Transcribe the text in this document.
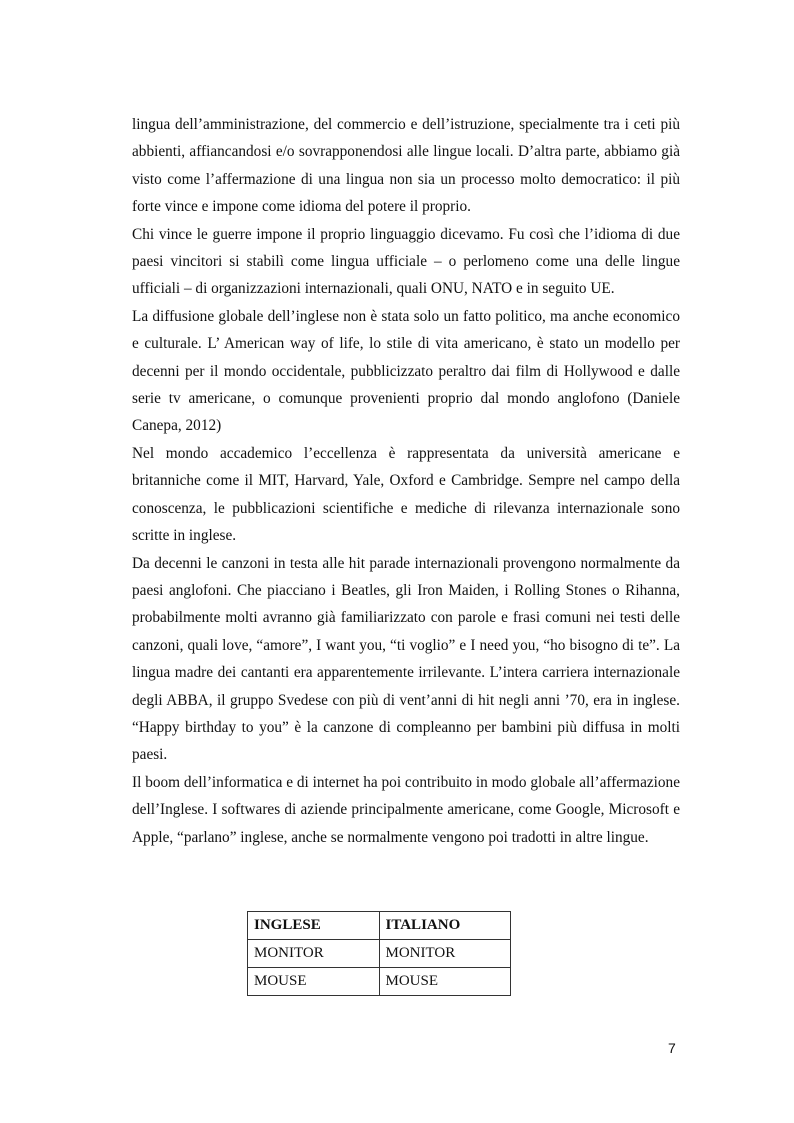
lingua dell’amministrazione, del commercio e dell’istruzione, specialmente tra i ceti più abbienti, affiancandosi e/o sovrapponendosi alle lingue locali. D’altra parte, abbiamo già visto come l’affermazione di una lingua non sia un processo molto democratico: il più forte vince e impone come idioma del potere il proprio.

Chi vince le guerre impone il proprio linguaggio dicevamo. Fu così che l’idioma di due paesi vincitori si stabilì come lingua ufficiale – o perlomeno come una delle lingue ufficiali – di organizzazioni internazionali, quali ONU, NATO e in seguito UE.

La diffusione globale dell’inglese non è stata solo un fatto politico, ma anche economico e culturale. L’ American way of life, lo stile di vita americano, è stato un modello per decenni per il mondo occidentale, pubblicizzato peraltro dai film di Hollywood e dalle serie tv americane, o comunque provenienti proprio dal mondo anglofono (Daniele Canepa, 2012)

Nel mondo accademico l’eccellenza è rappresentata da università americane e britanniche come il MIT, Harvard, Yale, Oxford e Cambridge. Sempre nel campo della conoscenza, le pubblicazioni scientifiche e mediche di rilevanza internazionale sono scritte in inglese.

Da decenni le canzoni in testa alle hit parade internazionali provengono normalmente da paesi anglofoni. Che piacciano i Beatles, gli Iron Maiden, i Rolling Stones o Rihanna, probabilmente molti avranno già familiarizzato con parole e frasi comuni nei testi delle canzoni, quali love, “amore”, I want you, “ti voglio” e I need you, “ho bisogno di te”. La lingua madre dei cantanti era apparentemente irrilevante. L’intera carriera internazionale degli ABBA, il gruppo Svedese con più di vent’anni di hit negli anni ’70, era in inglese. “Happy birthday to you” è la canzone di compleanno per bambini più diffusa in molti paesi.

Il boom dell’informatica e di internet ha poi contribuito in modo globale all’affermazione dell’Inglese. I softwares di aziende principalmente americane, come Google, Microsoft e Apple, “parlano” inglese, anche se normalmente vengono poi tradotti in altre lingue.

INGLESE	ITALIANO
MONITOR	MONITOR
MOUSE	MOUSE
7
